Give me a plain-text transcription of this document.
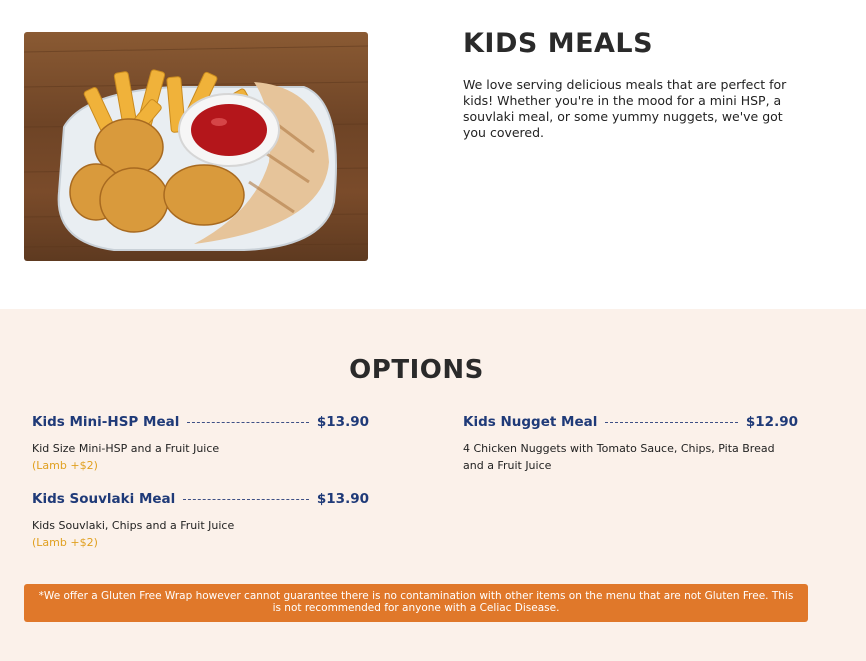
KIDS MEALS

We love serving delicious meals that are perfect for kids! Whether you're in the mood for a mini HSP, a souvlaki meal, or some yummy nuggets, we've got you covered.

OPTIONS
Kids Mini-HSP Meal	$13.90
Kid Size Mini-HSP and a Fruit Juice
(Lamb +$2)
Kids Nugget Meal	$12.90
4 Chicken Nuggets with Tomato Sauce, Chips, Pita Bread and a Fruit Juice
Kids Souvlaki Meal	$13.90
Kids Souvlaki, Chips and a Fruit Juice
(Lamb +$2)
*We offer a Gluten Free Wrap however cannot guarantee there is no contamination with other items on the menu that are not Gluten Free. This is not recommended for anyone with a Celiac Disease.
